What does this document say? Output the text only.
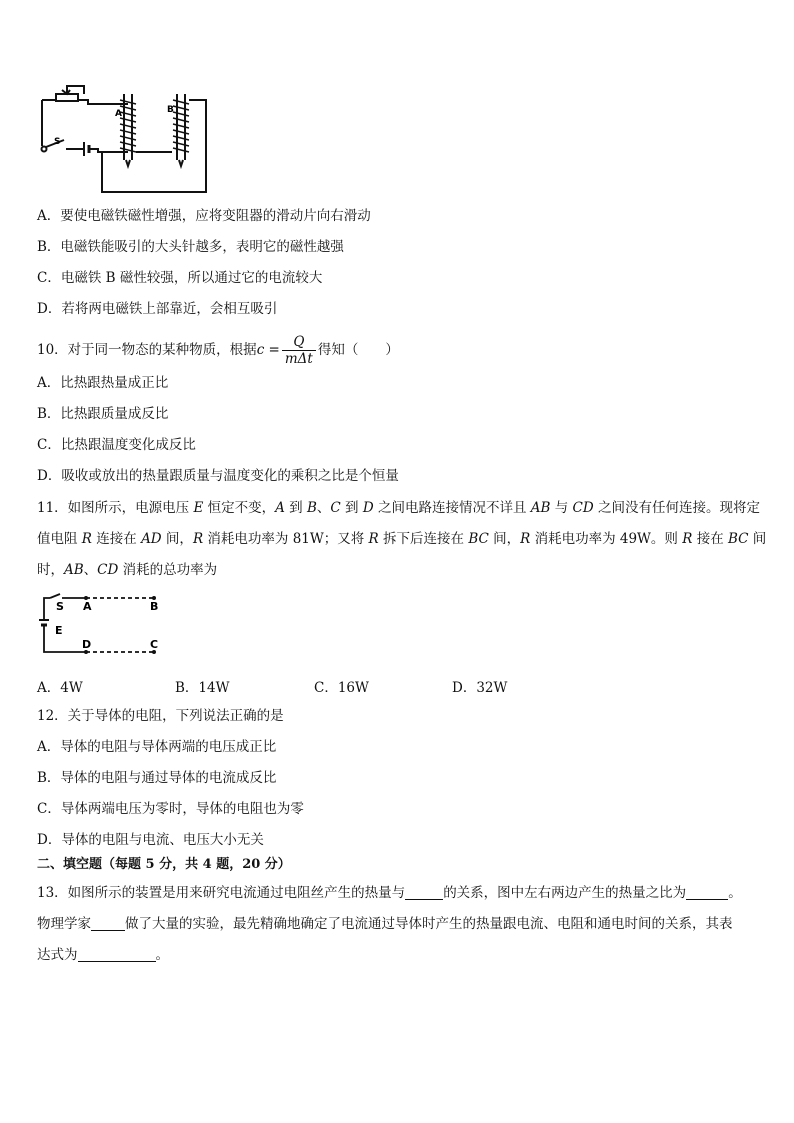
A	B
S
A．要使电磁铁磁性增强，应将变阻器的滑动片向右滑动
B．电磁铁能吸引的大头针越多，表明它的磁性越强
C．电磁铁 B 磁性较强，所以通过它的电流较大
D．若将两电磁铁上部靠近，会相互吸引
10．对于同一物态的某种物质，根据$c = \frac{Q}{\text{mΔt}}$ 得知（　　）
A．比热跟热量成正比
B．比热跟质量成反比
C．比热跟温度变化成反比
D．吸收或放出的热量跟质量与温度变化的乘积之比是个恒量
11．如图所示，电源电压 E 恒定不变，A 到 B、C 到 D 之间电路连接情况不详且 AB 与 CD 之间没有任何连接。现将定
值电阻 R 连接在 AD 间，R 消耗电功率为 81W；又将 R 拆下后连接在 BC 间，R 消耗电功率为 49W。则 R 接在 BC 间
时，AB、CD 消耗的总功率为
S A	B
E
D	C
A．4W	B．14W	C．16W	D．32W
12．关于导体的电阻，下列说法正确的是
A．导体的电阻与导体两端的电压成正比
B．导体的电阻与通过导体的电流成反比
C．导体两端电压为零时，导体的电阻也为零
D．导体的电阻与电流、电压大小无关
二、填空题（每题 5 分，共 4 题，20 分）
13．如图所示的装置是用来研究电流通过电阻丝产生的热量与	的关系，图中左右两边产生的热量之比为	。
物理学家	做了大量的实验，最先精确地确定了电流通过导体时产生的热量跟电流、电阻和通电时间的关系，其表
达式为	。
